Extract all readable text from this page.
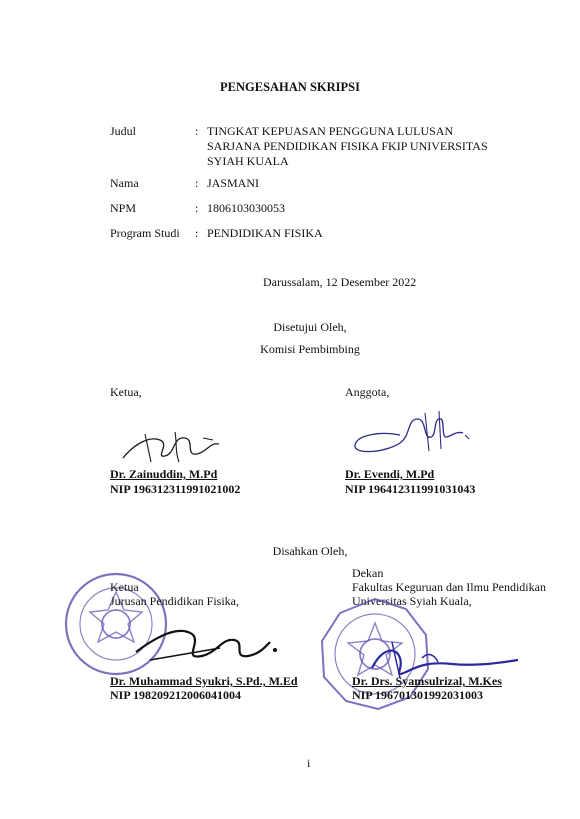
PENGESAHAN SKRIPSI
Judul	: TINGKAT KEPUASAN PENGGUNA LULUSAN
SARJANA PENDIDIKAN FISIKA FKIP UNIVERSITAS
SYIAH KUALA
Nama	: JASMANI
NPM	: 1806103030053
Program Studi : PENDIDIKAN FISIKA
Darussalam, 12 Desember 2022
Disetujui Oleh,
Komisi Pembimbing
Ketua,	Anggota,
Dr. Zainuddin, M.Pd
NIP 196312311991021002
Dr. Evendi, M.Pd
NIP 196412311991031043
Disahkan Oleh,
Ketua
Jurusan Pendidikan Fisika,
Dekan
Fakultas Keguruan dan Ilmu Pendidikan
Universitas Syiah Kuala,
Dr. Muhammad Syukri, S.Pd., M.Ed
NIP 198209212006041004
Dr. Drs. Syamsulrizal, M.Kes
NIP 196701301992031003
i
